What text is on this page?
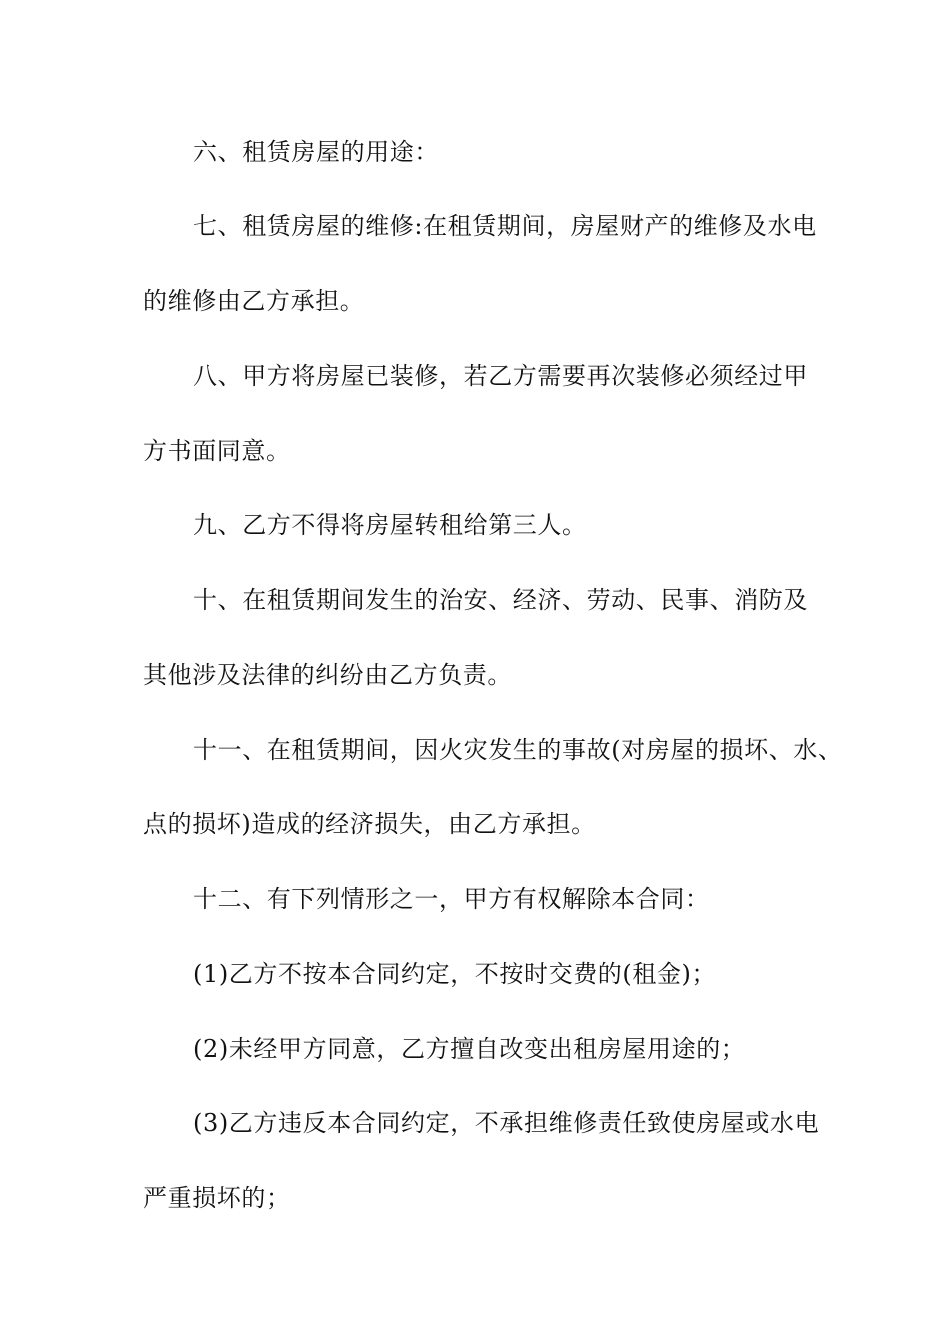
六、租赁房屋的用途：
七、租赁房屋的维修:在租赁期间，房屋财产的维修及水电
的维修由乙方承担。
八、甲方将房屋已装修，若乙方需要再次装修必须经过甲
方书面同意。
九、乙方不得将房屋转租给第三人。
十、在租赁期间发生的治安、经济、劳动、民事、消防及
其他涉及法律的纠纷由乙方负责。
十一、在租赁期间，因火灾发生的事故(对房屋的损坏、水、
点的损坏)造成的经济损失，由乙方承担。
十二、有下列情形之一，甲方有权解除本合同：
(1)乙方不按本合同约定，不按时交费的(租金)；
(2)未经甲方同意，乙方擅自改变出租房屋用途的；
(3)乙方违反本合同约定，不承担维修责任致使房屋或水电
严重损坏的；
